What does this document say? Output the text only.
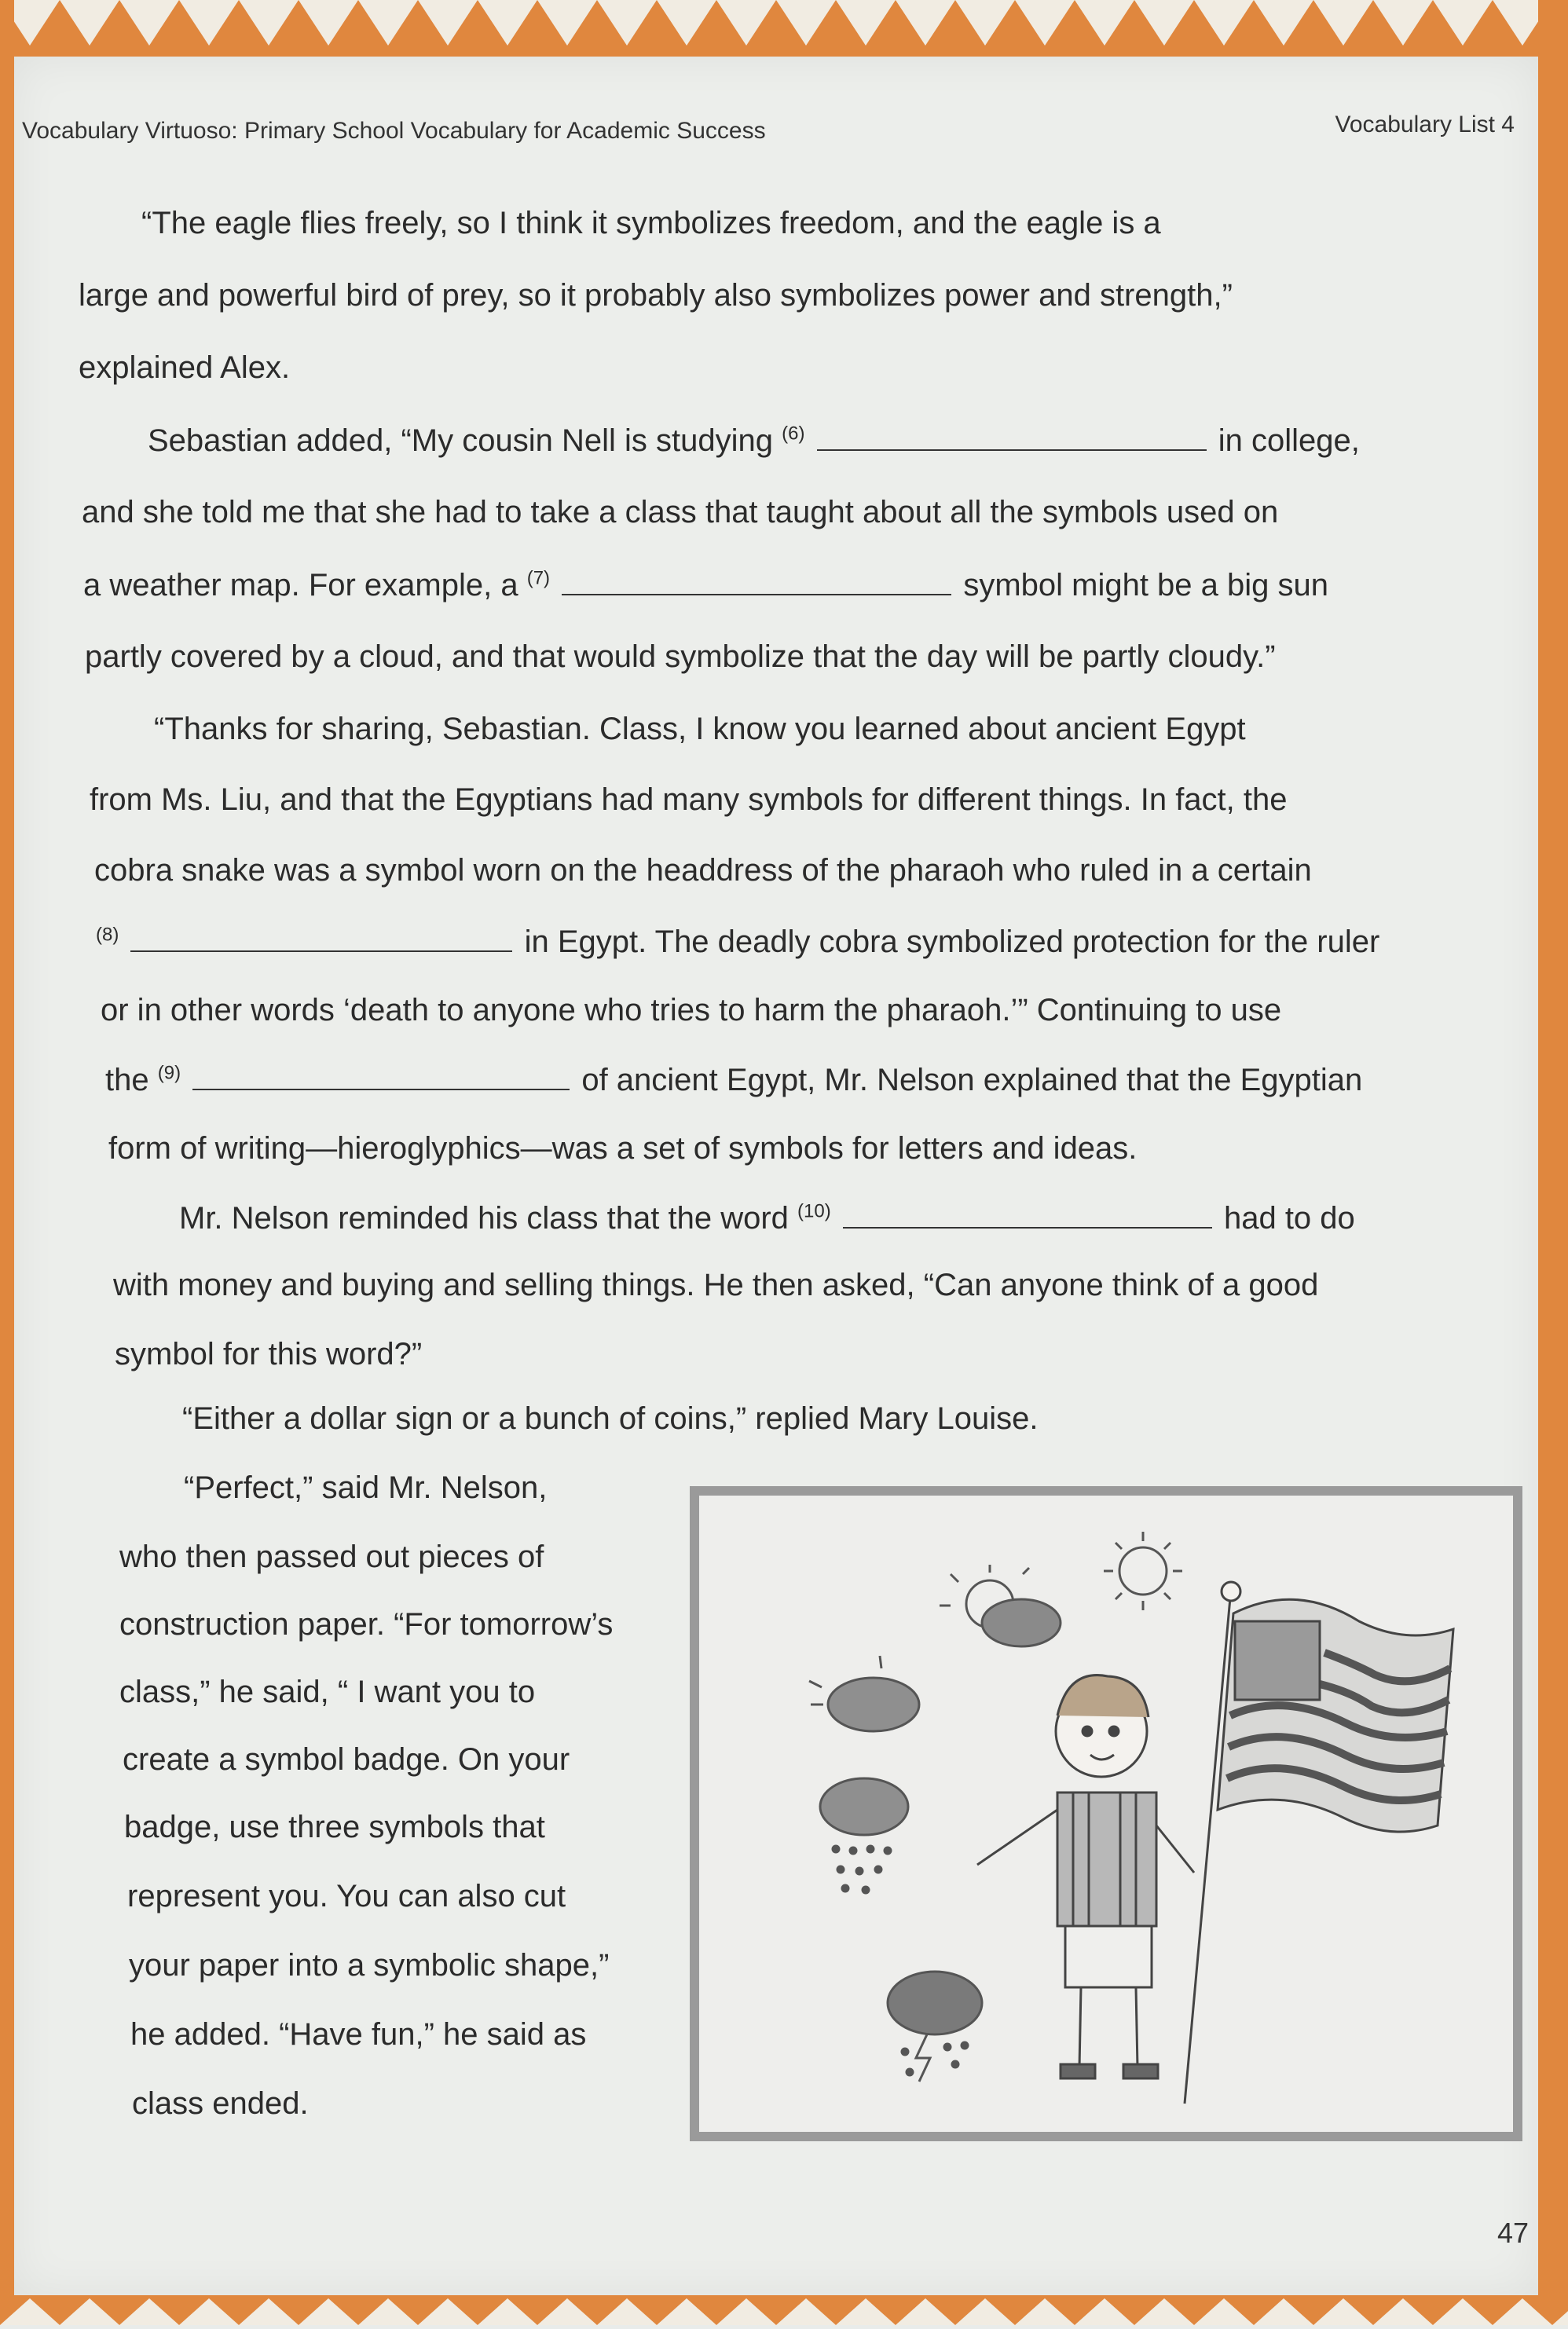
Vocabulary Virtuoso: Primary School Vocabulary for Academic Success	Vocabulary List 4
“The eagle flies freely, so I think it symbolizes freedom, and the eagle is a
large and powerful bird of prey, so it probably also symbolizes power and strength,”
explained Alex.
Sebastian added, “My cousin Nell is studying $^{(6)}$	in college,
and she told me that she had to take a class that taught about all the symbols used on
a weather map. For example, a $^{(7)}$	symbol might be a big sun
partly covered by a cloud, and that would symbolize that the day will be partly cloudy.”
“Thanks for sharing, Sebastian. Class, I know you learned about ancient Egypt
from Ms. Liu, and that the Egyptians had many symbols for different things. In fact, the
cobra snake was a symbol worn on the headdress of the pharaoh who ruled in a certain
$^{(8)}$	in Egypt. The deadly cobra symbolized protection for the ruler
or in other words ‘death to anyone who tries to harm the pharaoh.’” Continuing to use
the $^{(9)}$	of ancient Egypt, Mr. Nelson explained that the Egyptian
form of writing—hieroglyphics—was a set of symbols for letters and ideas.
Mr. Nelson reminded his class that the word $^{(10)}$	had to do
with money and buying and selling things. He then asked, “Can anyone think of a good
symbol for this word?”
“Either a dollar sign or a bunch of coins,” replied Mary Louise.
“Perfect,” said Mr. Nelson,
who then passed out pieces of
construction paper. “For tomorrow’s
class,” he said, “ I want you to
create a symbol badge. On your
badge, use three symbols that
represent you. You can also cut
your paper into a symbolic shape,”
he added. “Have fun,” he said as
class ended.
47
